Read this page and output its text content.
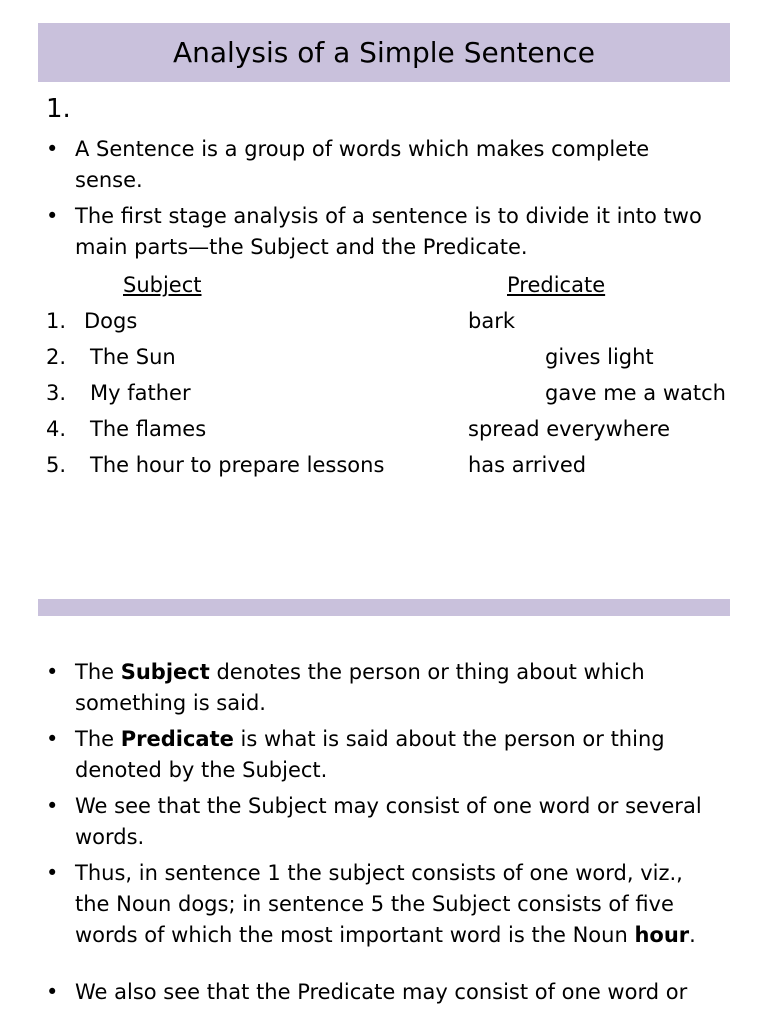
Analysis of a Simple Sentence
1.
• A Sentence is a group of words which makes complete sense.
• The first stage analysis of a sentence is to divide it into two main parts—the Subject and the Predicate.
Subject	Predicate
1. Dogs	bark
2. The Sun	gives light
3. My father	gave me a watch
4. The flames	spread everywhere
5. The hour to prepare lessons	has arrived
• The Subject denotes the person or thing about which something is said.
• The Predicate is what is said about the person or thing denoted by the Subject.
• We see that the Subject may consist of one word or several words.
• Thus, in sentence 1 the subject consists of one word, viz., the Noun dogs; in sentence 5 the Subject consists of five words of which the most important word is the Noun hour.
• We also see that the Predicate may consist of one word or
